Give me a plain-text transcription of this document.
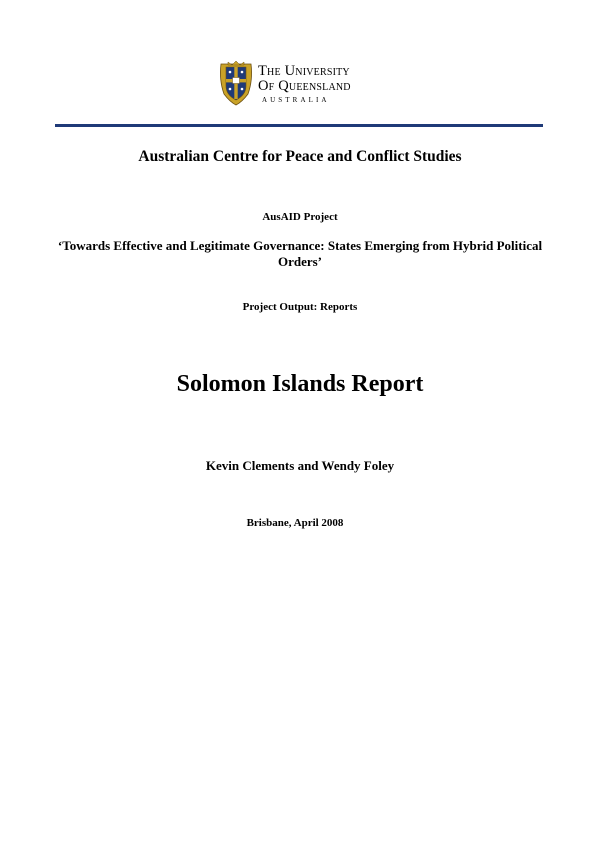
The University
Of Queensland
AUSTRALIA
Australian Centre for Peace and Conflict Studies
AusAID Project
‘Towards Effective and Legitimate Governance: States Emerging from Hybrid Political Orders’
Project Output: Reports
Solomon Islands Report
Kevin Clements and Wendy Foley
Brisbane, April 2008
